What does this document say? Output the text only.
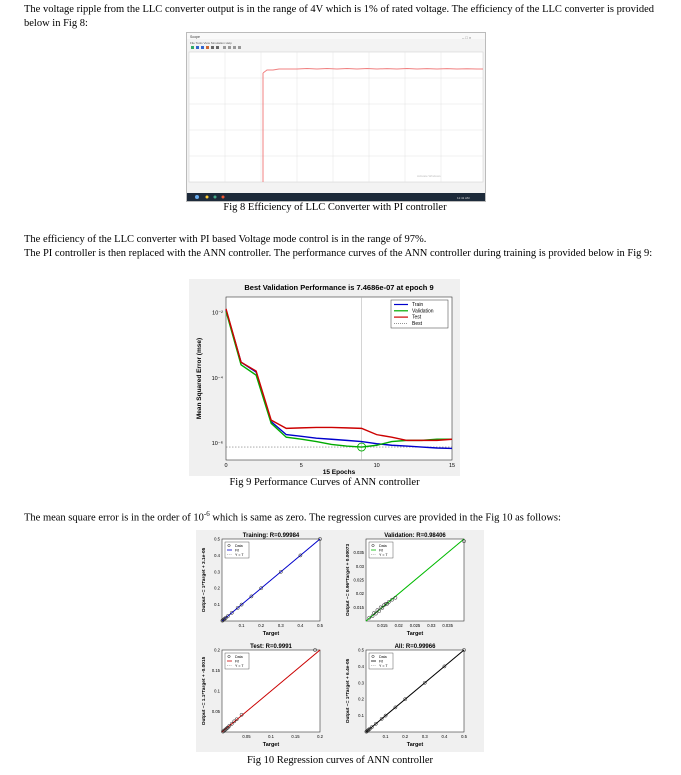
The voltage ripple from the LLC converter output is in the range of 4V which is 1% of rated voltage. The efficiency of the LLC converter is provided below in Fig 8:
Scope
File Tools View Simulation Help
– □ ×
Activate Windows
11:41 AM
Fig 8 Efficiency of LLC Converter with PI controller
The efficiency of the LLC converter with PI based Voltage mode control is in the range of 97%.
The PI controller is then replaced with the ANN controller. The performance curves of the ANN controller during training is provided below in Fig 9:
Best Validation Performance is 7.4686e-07 at epoch 9
15 Epochs
Mean Squared Error (mse)
0	5	10	15
10⁻²
10⁻⁴
10⁻⁶
Train
Validation
Test
Best
Fig 9 Performance Curves of ANN controller
The mean square error is in the order of $10^{-6}$ which is same as zero. The regression curves are provided in the Fig 10 as follows:
Training: R=0.99984
Target
Output ~= 1*Target + 3.1e-05
0.1	0.2	0.3	0.4	0.5
0.1
0.2
0.3
0.4
0.5
Data
Fit
Y = T
Validation: R=0.98406
Target
Output ~= 0.96*Target + 0.00073
0.015 0.02 0.025 0.03 0.035
0.015
0.02
0.025
0.03
0.035
Data
Fit
Y = T
Test: R=0.9991
Target
Output ~= 1.1*Target + -0.0015
0.05	0.1	0.15	0.2
0.05
0.1
0.15
0.2
Data
Fit
Y = T
All: R=0.99966
Target
Output ~= 1*Target + 6.4e-05
0.1	0.2	0.3	0.4	0.5
0.1
0.2
0.3
0.4
0.5
Data
Fit
Y = T
Fig 10 Regression curves of ANN controller
